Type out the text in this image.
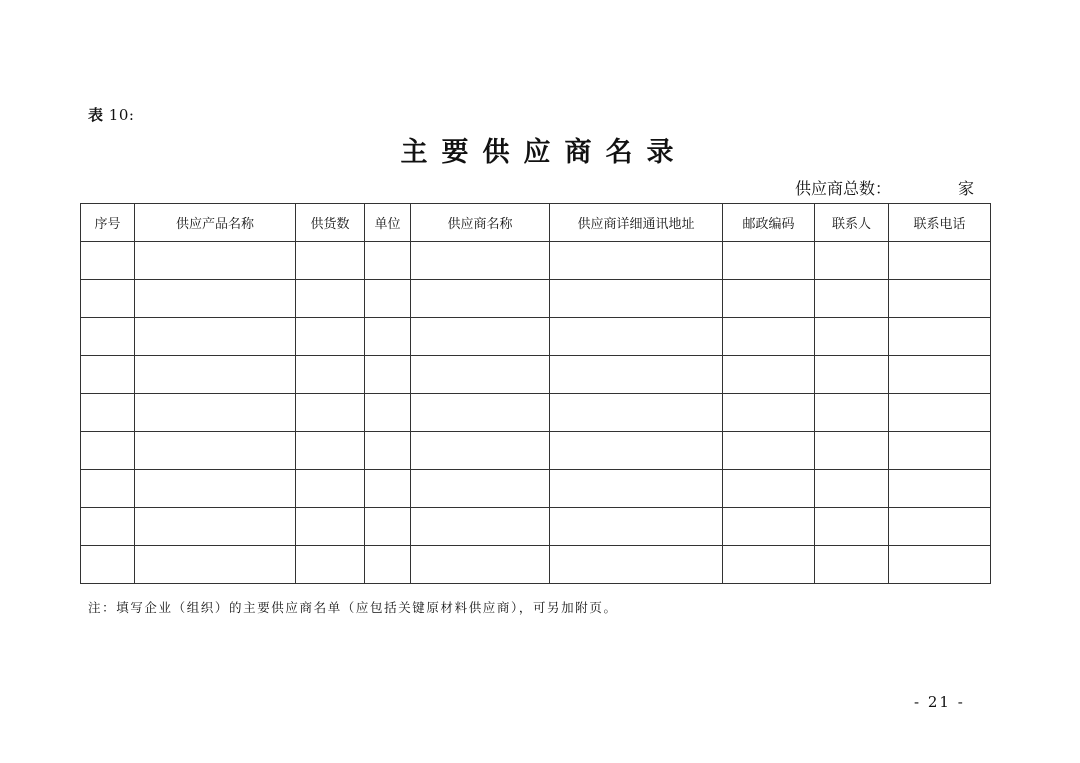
表 10:
主要供应商名录
供应商总数：	家
序号	供应产品名称	供货数	单位	供应商名称	供应商详细通讯地址	邮政编码	联系人	联系电话

注：填写企业（组织）的主要供应商名单（应包括关键原材料供应商），可另加附页。
- 21 -
